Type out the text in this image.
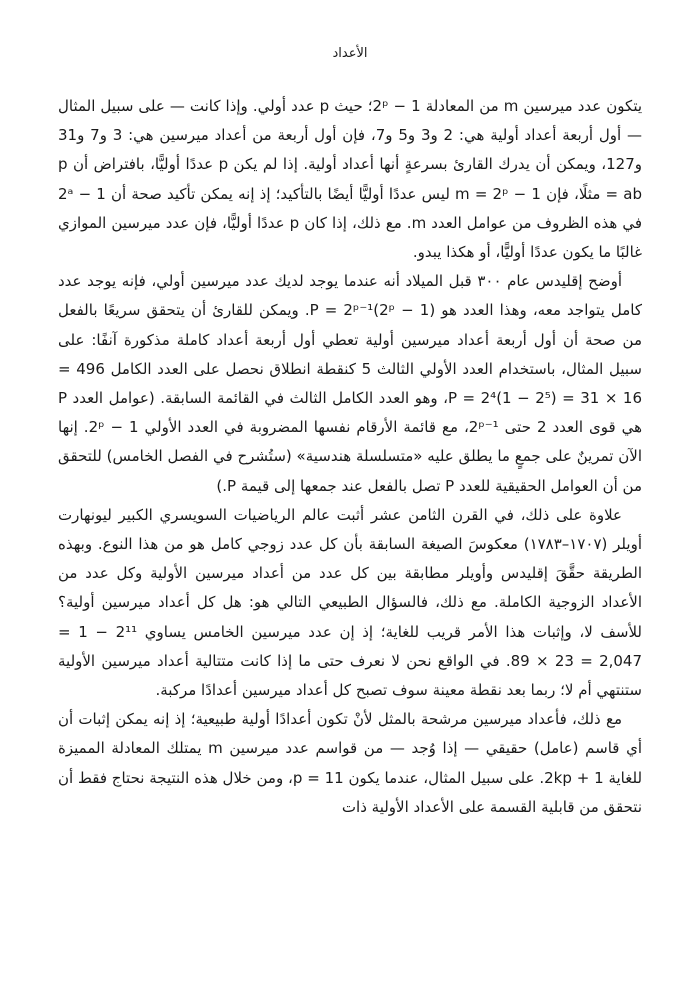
الأعداد

يتكون عدد ميرسين m من المعادلة 2ᵖ − 1؛ حيث p عدد أولي. وإذا كانت — على سبيل المثال — أول أربعة أعداد أولية هي: 2 و3 و5 و7، فإن أول أربعة من أعداد ميرسين هي: 3 و7 و31 و127، ويمكن أن يدرك القارئ بسرعةٍ أنها أعداد أولية. إذا لم يكن p عددًا أوليًّا، بافتراض أن p = ab مثلًا، فإن m = 2ᵖ − 1 ليس عددًا أوليًّا أيضًا بالتأكيد؛ إذ إنه يمكن تأكيد صحة أن 2ᵃ − 1 في هذه الظروف من عوامل العدد m. مع ذلك، إذا كان p عددًا أوليًّا، فإن عدد ميرسين الموازي غالبًا ما يكون عددًا أوليًّا، أو هكذا يبدو.

أوضح إقليدس عام ٣٠٠ قبل الميلاد أنه عندما يوجد لديك عدد ميرسين أولي، فإنه يوجد عدد كامل يتواجد معه، وهذا العدد هو P = 2ᵖ⁻¹(2ᵖ − 1). ويمكن للقارئ أن يتحقق سريعًا بالفعل من صحة أن أول أربعة أعداد ميرسين أولية تعطي أول أربعة أعداد كاملة مذكورة آنفًا: على سبيل المثال، باستخدام العدد الأولي الثالث 5 كنقطة انطلاق نحصل على العدد الكامل 496 = 16 × 31 = (2⁵ − 1)2⁴ = P، وهو العدد الكامل الثالث في القائمة السابقة. (عوامل العدد P هي قوى العدد 2 حتى 2ᵖ⁻¹، مع قائمة الأرقام نفسها المضروبة في العدد الأولي 2ᵖ − 1. إنها الآن تمرينٌ على جمعٍ ما يطلق عليه «متسلسلة هندسية» (ستُشرح في الفصل الخامس) للتحقق من أن العوامل الحقيقية للعدد P تصل بالفعل عند جمعها إلى قيمة P.)

علاوة على ذلك، في القرن الثامن عشر أثبت عالم الرياضيات السويسري الكبير ليونهارت أويلر (١٧٠٧–١٧٨٣) معكوسَ الصيغة السابقة بأن كل عدد زوجي كامل هو من هذا النوع. وبهذه الطريقة حقَّقَ إقليدس وأويلر مطابقة بين كل عدد من أعداد ميرسين الأولية وكل عدد من الأعداد الزوجية الكاملة. مع ذلك، فالسؤال الطبيعي التالي هو: هل كل أعداد ميرسين أولية؟ للأسف لا، وإثبات هذا الأمر قريب للغاية؛ إذ إن عدد ميرسين الخامس يساوي 2¹¹ − 1 = 2,047 = 23 × 89. في الواقع نحن لا نعرف حتى ما إذا كانت متتالية أعداد ميرسين الأولية ستنتهي أم لا؛ ربما بعد نقطة معينة سوف تصبح كل أعداد ميرسين أعدادًا مركبة.

مع ذلك، فأعداد ميرسين مرشحة بالمثل لأنْ تكون أعدادًا أولية طبيعية؛ إذ إنه يمكن إثبات أن أي قاسم (عامل) حقيقي — إذا وُجد — من قواسم عدد ميرسين m يمتلك المعادلة المميزة للغاية 2kp + 1. على سبيل المثال، عندما يكون p = 11، ومن خلال هذه النتيجة نحتاج فقط أن نتحقق من قابلية القسمة على الأعداد الأولية ذات
